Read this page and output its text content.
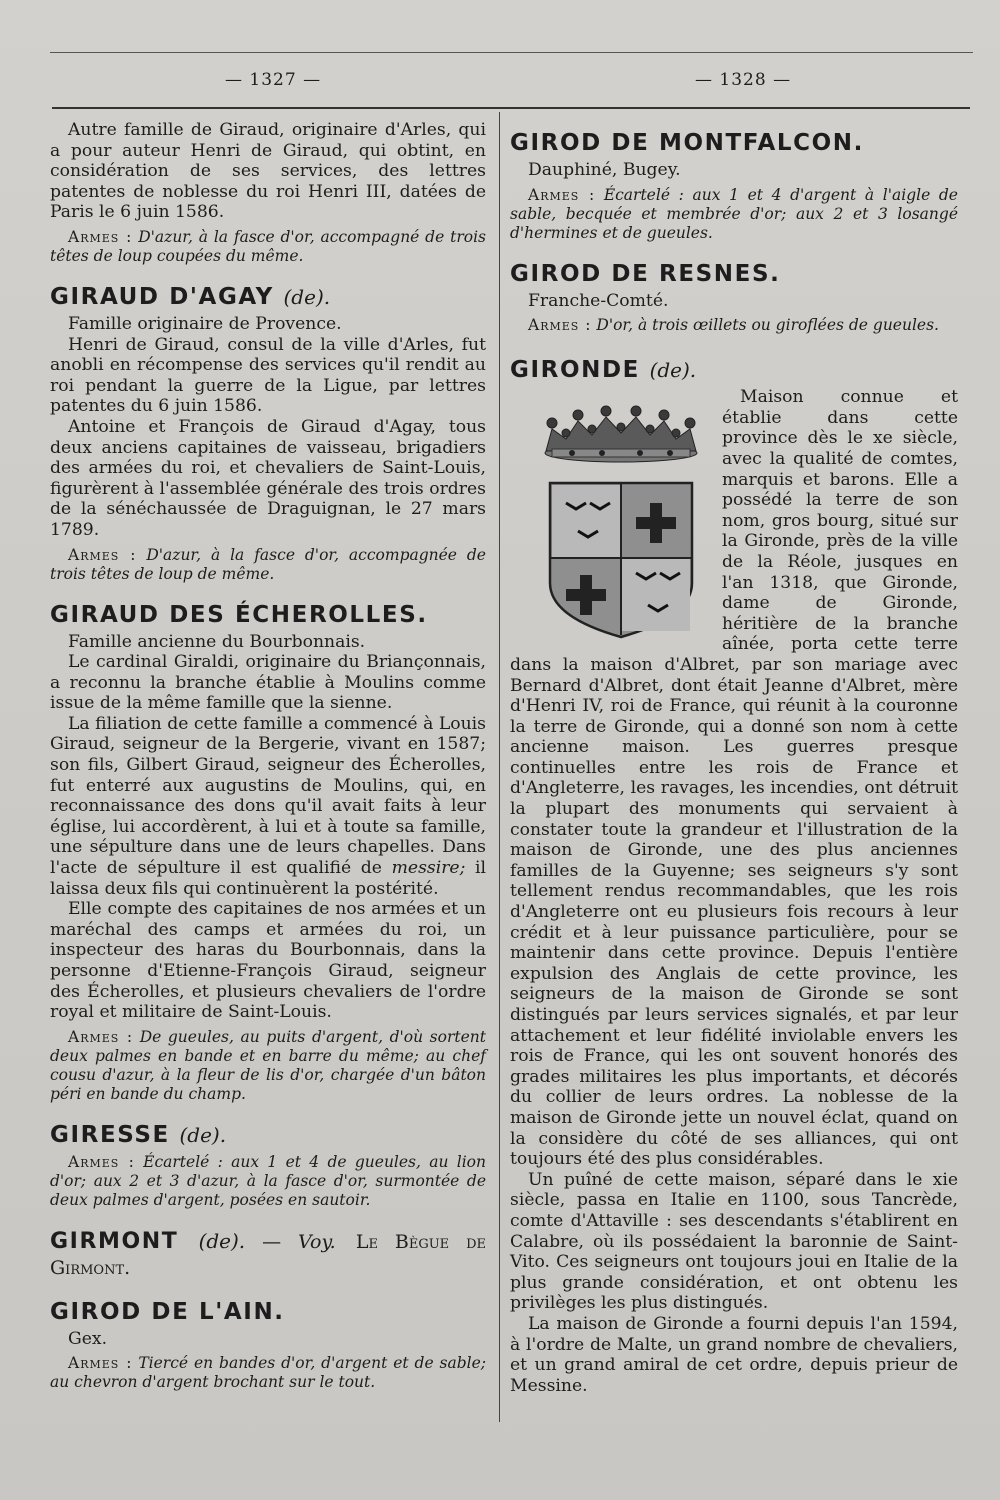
— 1327 —	— 1328 —

Autre famille de Giraud, originaire d'Arles, qui a pour auteur Henri de Giraud, qui obtint, en considération de ses services, des lettres patentes de noblesse du roi Henri III, datées de Paris le 6 juin 1586.

Armes : D'azur, à la fasce d'or, accompagné de trois têtes de loup coupées du même.
GIRAUD D'AGAY (de).

Famille originaire de Provence.

Henri de Giraud, consul de la ville d'Arles, fut anobli en récompense des services qu'il rendit au roi pendant la guerre de la Ligue, par lettres patentes du 6 juin 1586.

Antoine et François de Giraud d'Agay, tous deux anciens capitaines de vaisseau, brigadiers des armées du roi, et chevaliers de Saint-Louis, figurèrent à l'assemblée générale des trois ordres de la sénéchaussée de Draguignan, le 27 mars 1789.

Armes : D'azur, à la fasce d'or, accompagnée de trois têtes de loup de même.
GIRAUD DES ÉCHEROLLES.

Famille ancienne du Bourbonnais.

Le cardinal Giraldi, originaire du Briançonnais, a reconnu la branche établie à Moulins comme issue de la même famille que la sienne.

La filiation de cette famille a commencé à Louis Giraud, seigneur de la Bergerie, vivant en 1587; son fils, Gilbert Giraud, seigneur des Écherolles, fut enterré aux augustins de Moulins, qui, en reconnaissance des dons qu'il avait faits à leur église, lui accordèrent, à lui et à toute sa famille, une sépulture dans une de leurs chapelles. Dans l'acte de sépulture il est qualifié de messire; il laissa deux fils qui continuèrent la postérité.

Elle compte des capitaines de nos armées et un maréchal des camps et armées du roi, un inspecteur des haras du Bourbonnais, dans la personne d'Etienne-François Giraud, seigneur des Écherolles, et plusieurs chevaliers de l'ordre royal et militaire de Saint-Louis.

Armes : De gueules, au puits d'argent, d'où sortent deux palmes en bande et en barre du même; au chef cousu d'azur, à la fleur de lis d'or, chargée d'un bâton péri en bande du champ.
GIRESSE (de).
Armes : Écartelé : aux 1 et 4 de gueules, au lion d'or; aux 2 et 3 d'azur, à la fasce d'or, surmontée de deux palmes d'argent, posées en sautoir.
GIRMONT (de). — Voy. Le Bègue de Girmont.
GIROD DE L'AIN.

Gex.

Armes : Tiercé en bandes d'or, d'argent et de sable; au chevron d'argent brochant sur le tout.
GIROD DE MONTFALCON.

Dauphiné, Bugey.

Armes : Écartelé : aux 1 et 4 d'argent à l'aigle de sable, becquée et membrée d'or; aux 2 et 3 losangé d'hermines et de gueules.
GIROD DE RESNES.

Franche-Comté.

Armes : D'or, à trois œillets ou giroflées de gueules.
GIRONDE (de).

Maison connue et établie dans cette province dès le xe siècle, avec la qualité de comtes, marquis et barons. Elle a possédé la terre de son nom, gros bourg, situé sur la Gironde, près de la ville de la Réole, jusques en l'an 1318, que Gironde, dame de Gironde, héritière de la branche aînée, porta cette terre dans la maison d'Albret, par son mariage avec Bernard d'Albret, dont était Jeanne d'Albret, mère d'Henri IV, roi de France, qui réunit à la couronne la terre de Gironde, qui a donné son nom à cette ancienne maison. Les guerres presque continuelles entre les rois de France et d'Angleterre, les ravages, les incendies, ont détruit la plupart des monuments qui servaient à constater toute la grandeur et l'illustration de la maison de Gironde, une des plus anciennes familles de la Guyenne; ses seigneurs s'y sont tellement rendus recommandables, que les rois d'Angleterre ont eu plusieurs fois recours à leur crédit et à leur puissance particulière, pour se maintenir dans cette province. Depuis l'entière expulsion des Anglais de cette province, les seigneurs de la maison de Gironde se sont distingués par leurs services signalés, et par leur attachement et leur fidélité inviolable envers les rois de France, qui les ont souvent honorés des grades militaires les plus importants, et décorés du collier de leurs ordres. La noblesse de la maison de Gironde jette un nouvel éclat, quand on la considère du côté de ses alliances, qui ont toujours été des plus considérables.

Un puîné de cette maison, séparé dans le xie siècle, passa en Italie en 1100, sous Tancrède, comte d'Attaville : ses descendants s'établirent en Calabre, où ils possédaient la baronnie de Saint-Vito. Ces seigneurs ont toujours joui en Italie de la plus grande considération, et ont obtenu les privilèges les plus distingués.

La maison de Gironde a fourni depuis l'an 1594, à l'ordre de Malte, un grand nombre de chevaliers, et un grand amiral de cet ordre, depuis prieur de Messine.
